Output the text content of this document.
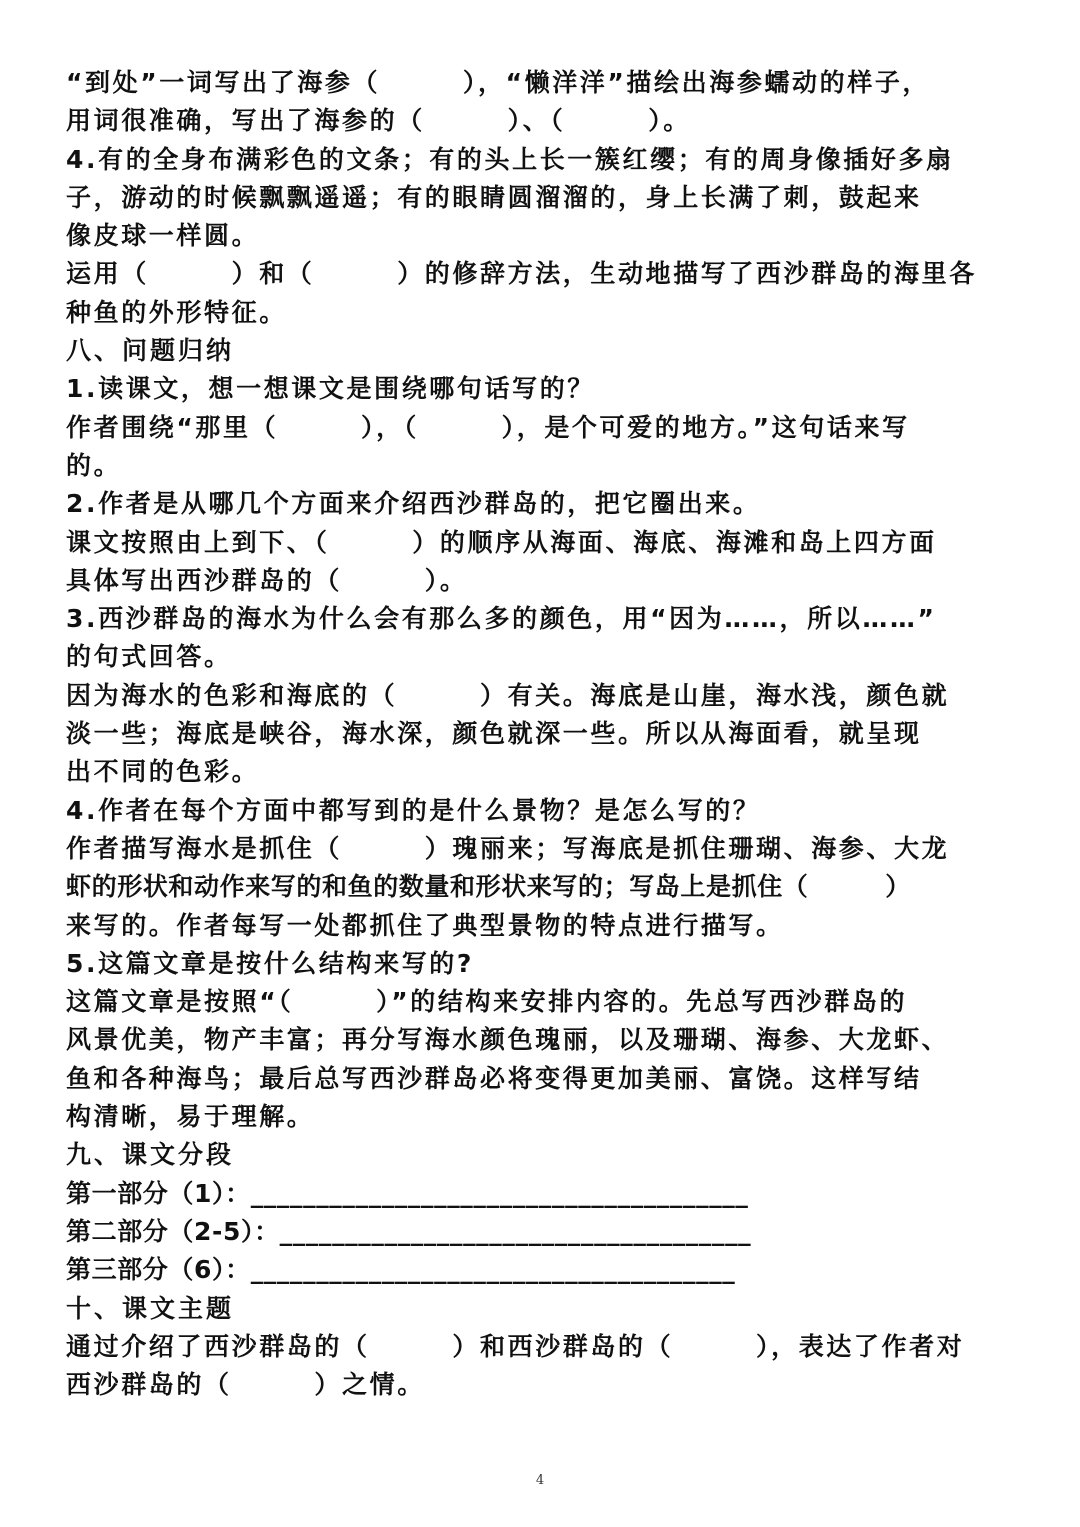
“到处”一词写出了海参（　　　），“懒洋洋”描绘出海参蠕动的样子，
用词很准确，写出了海参的（　　　）、（　　　）。
4.有的全身布满彩色的文条；有的头上长一簇红缨；有的周身像插好多扇
子，游动的时候飘飘遥遥；有的眼睛圆溜溜的，身上长满了刺，鼓起来
像皮球一样圆。
运用（　　　）和（　　　）的修辞方法，生动地描写了西沙群岛的海里各
种鱼的外形特征。
八、问题归纳
1.读课文，想一想课文是围绕哪句话写的？
作者围绕“那里（　　　），（　　　），是个可爱的地方。”这句话来写
的。
2.作者是从哪几个方面来介绍西沙群岛的，把它圈出来。
课文按照由上到下、（　　　）的顺序从海面、海底、海滩和岛上四方面
具体写出西沙群岛的（　　　）。
3.西沙群岛的海水为什么会有那么多的颜色，用“因为……，所以……”
的句式回答。
因为海水的色彩和海底的（　　　）有关。海底是山崖，海水浅，颜色就
淡一些；海底是峡谷，海水深，颜色就深一些。所以从海面看，就呈现
出不同的色彩。
4.作者在每个方面中都写到的是什么景物？是怎么写的？
作者描写海水是抓住（　　　）瑰丽来；写海底是抓住珊瑚、海参、大龙
虾的形状和动作来写的和鱼的数量和形状来写的；写岛上是抓住（　　　）
来写的。作者每写一处都抓住了典型景物的特点进行描写。
5.这篇文章是按什么结构来写的?
这篇文章是按照“（　　　）”的结构来安排内容的。先总写西沙群岛的
风景优美，物产丰富；再分写海水颜色瑰丽，以及珊瑚、海参、大龙虾、
鱼和各种海鸟；最后总写西沙群岛必将变得更加美丽、富饶。这样写结
构清晰，易于理解。
九、课文分段
第一部分（1）：______________________________________
第二部分（2-5）：____________________________________
第三部分（6）：_____________________________________
十、课文主题
通过介绍了西沙群岛的（　　　）和西沙群岛的（　　　），表达了作者对
西沙群岛的（　　　）之情。
4
